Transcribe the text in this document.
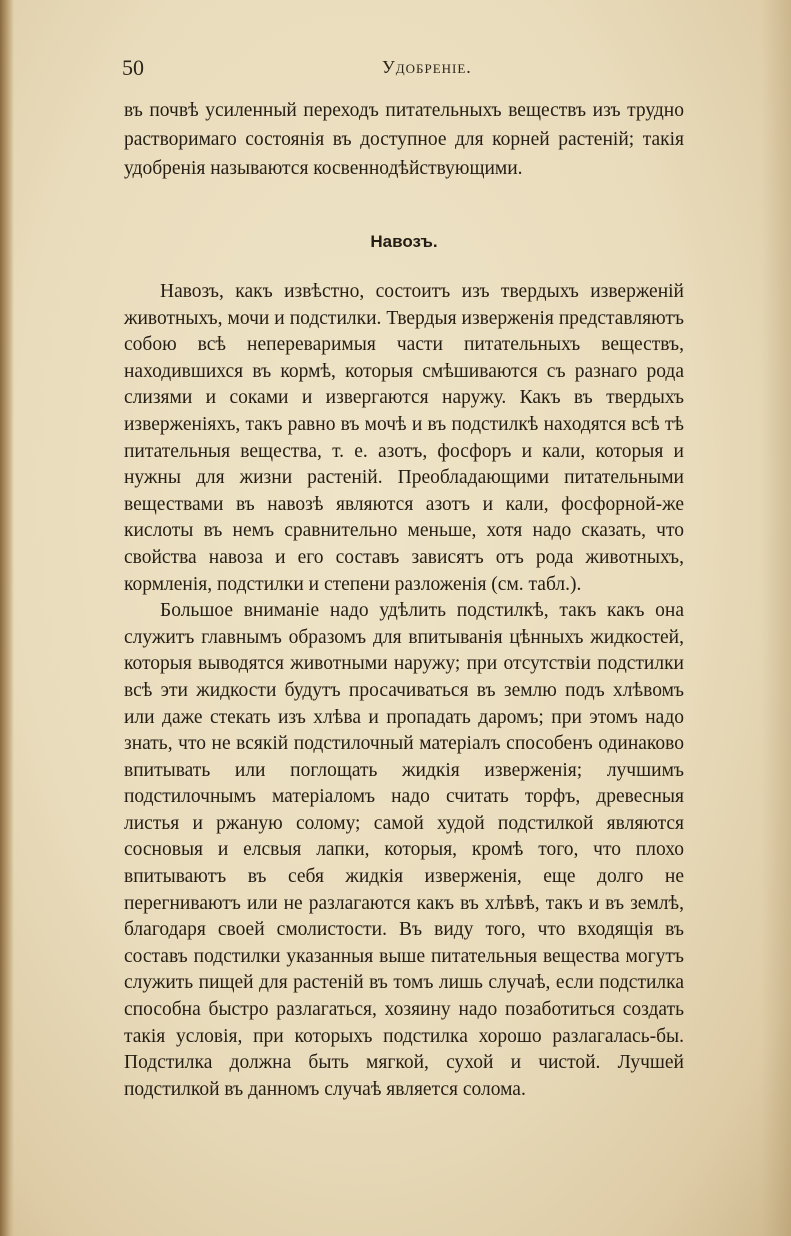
50	Удобренiе.

въ почвѣ усиленный переходъ питательныхъ веществъ изъ трудно растворимаго состоянiя въ доступное для корней растенiй; такiя удобренiя называются косвеннодѣйствующими.

Навозъ.

Навозъ, какъ извѣстно, состоитъ изъ твердыхъ изверженiй животныхъ, мочи и подстилки. Твердыя изверженiя представляютъ собою всѣ непереваримыя части питательныхъ веществъ, находившихся въ кормѣ, которыя смѣшиваются съ разнаго рода слизями и соками и извергаются наружу. Какъ въ твердыхъ изверженiяхъ, такъ равно въ мочѣ и въ подстилкѣ находятся всѣ тѣ питательныя вещества, т. е. азотъ, фосфоръ и кали, которыя и нужны для жизни растенiй. Преобладающими питательными веществами въ навозѣ являются азотъ и кали, фосфорной-же кислоты въ немъ сравнительно меньше, хотя надо сказать, что свойства навоза и его составъ зависятъ отъ рода животныхъ, кормленiя, подстилки и степени разложенiя (см. табл.).

Большое вниманiе надо удѣлить подстилкѣ, такъ какъ она служитъ главнымъ образомъ для впитыванiя цѣнныхъ жидкостей, которыя выводятся животными наружу; при отсутствiи подстилки всѣ эти жидкости будутъ просачиваться въ землю подъ хлѣвомъ или даже стекать изъ хлѣва и пропадать даромъ; при этомъ надо знать, что не всякiй подстилочный матерiалъ способенъ одинаково впитывать или поглощать жидкiя изверженiя; лучшимъ подстилочнымъ матерiаломъ надо считать торфъ, древесныя листья и ржаную солому; самой худой подстилкой являются сосновыя и елсвыя лапки, которыя, кромѣ того, что плохо впитываютъ въ себя жидкiя изверженiя, еще долго не перегниваютъ или не разлагаются какъ въ хлѣвѣ, такъ и въ землѣ, благодаря своей смолистости. Въ виду того, что входящiя въ составъ подстилки указанныя выше питательныя вещества могутъ служить пищей для растенiй въ томъ лишь случаѣ, если подстилка способна быстро разлагаться, хозяину надо позаботиться создать такiя условiя, при которыхъ подстилка хорошо разлагалась-бы. Подстилка должна быть мягкой, сухой и чистой. Лучшей подстилкой въ данномъ случаѣ является солома.
